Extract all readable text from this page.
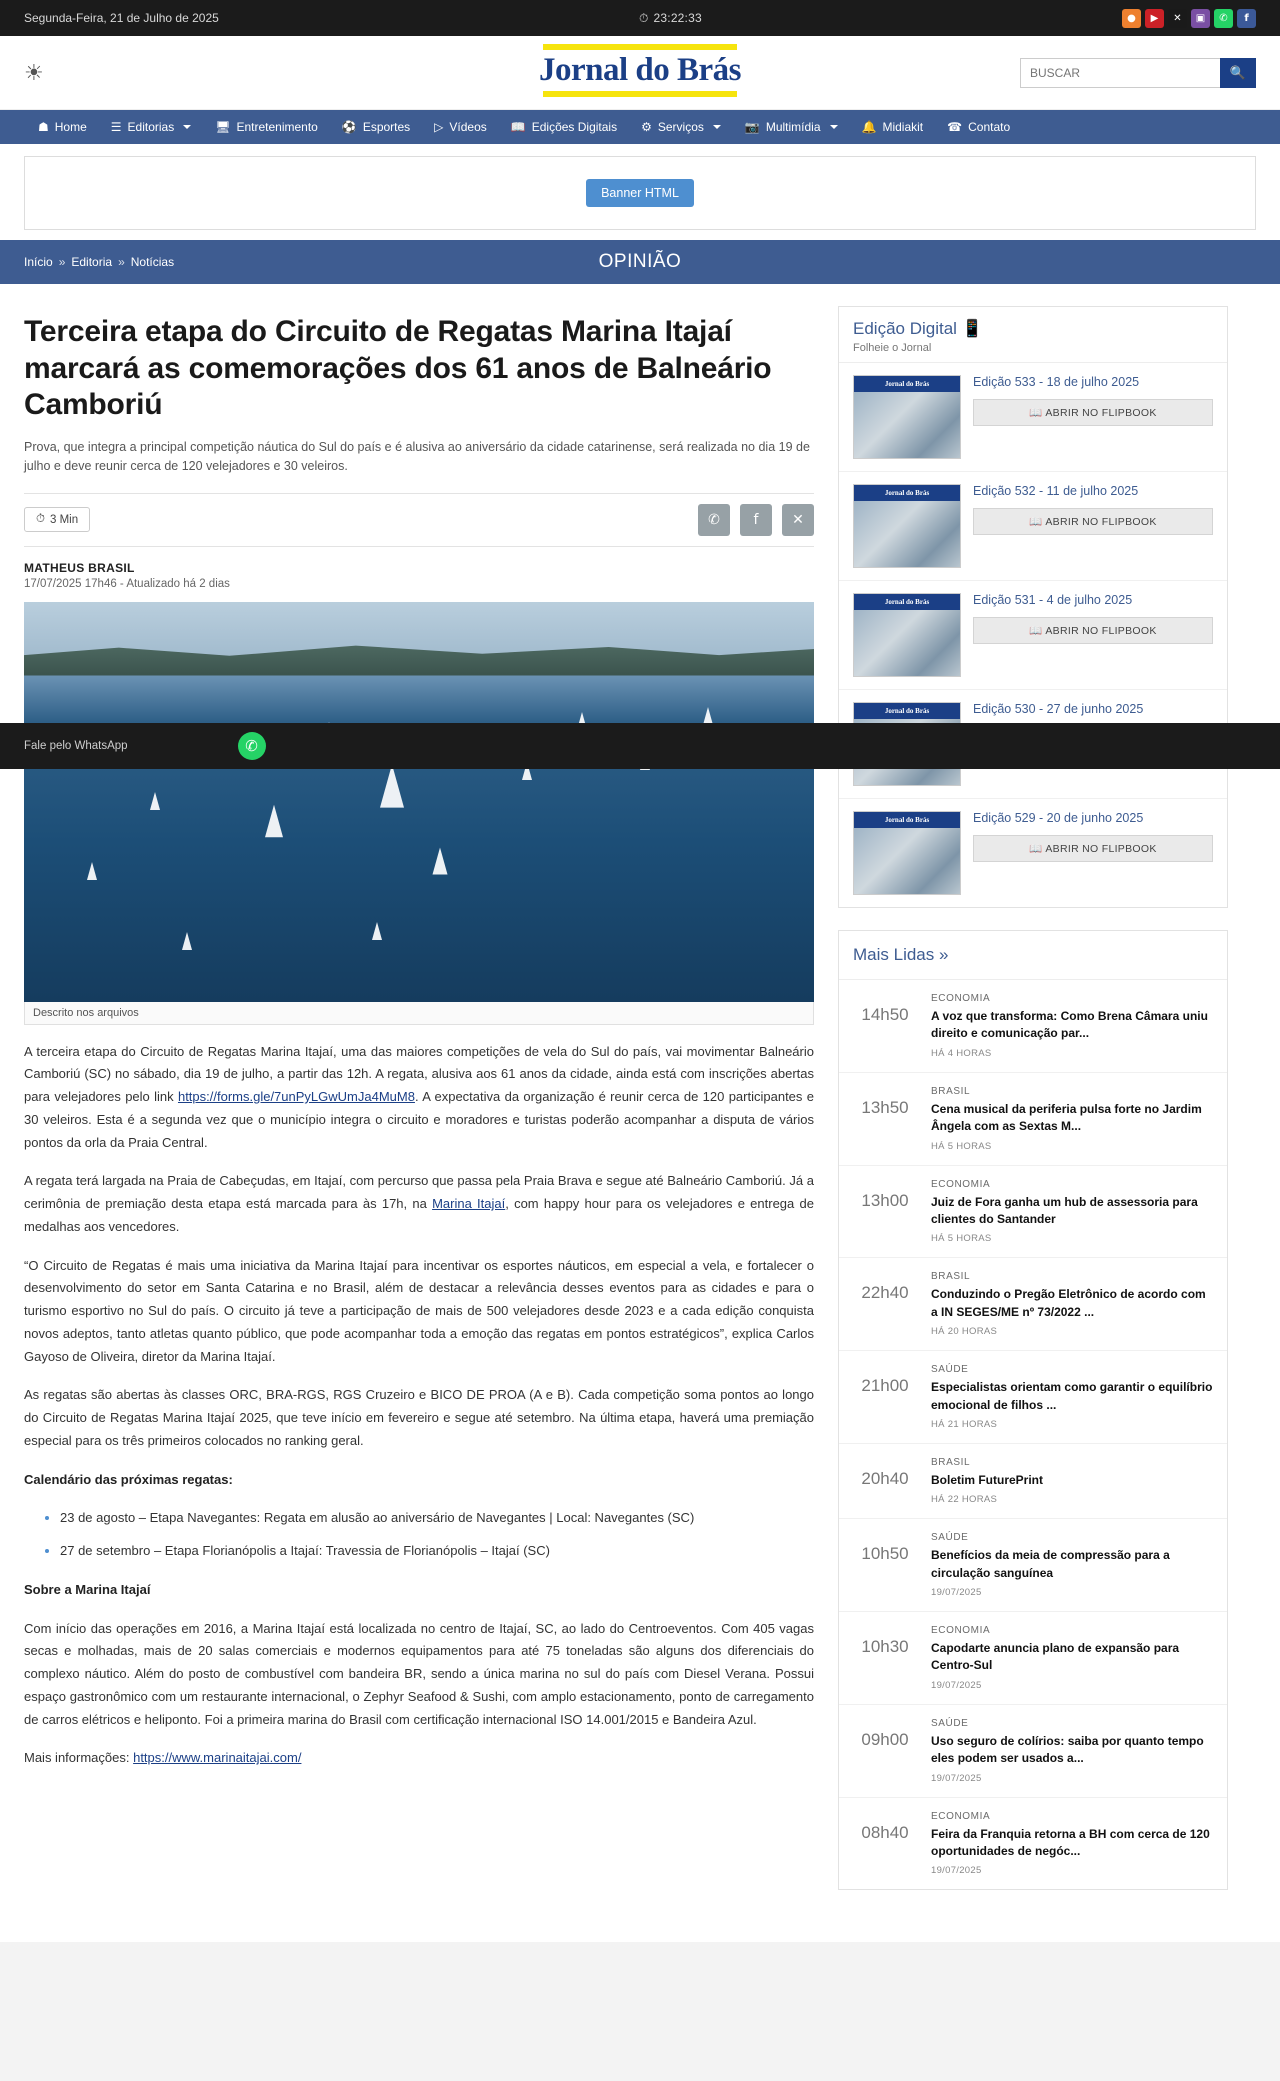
Segunda-Feira, 21 de Julho de 2025	⏱ 23:22:33	●	▶	✕	▣	✆	f
☀	Jornal do Brás
BUSCAR	🔍
☗ Home ☰ Editorias	🖥 Entretenimento ⚽ Esportes ▷ Vídeos 📖 Edições Digitais ⚙ Serviços	📷 Multimídia	🔔 Midiakit ☎ Contato
Banner HTML
Início » Editoria » Notícias	OPINIÃO
Terceira etapa do Circuito de Regatas Marina Itajaí marcará as comemorações dos 61 anos de Balneário Camboriú
Prova, que integra a principal competição náutica do Sul do país e é alusiva ao aniversário da cidade catarinense, será realizada no dia 19 de julho e deve reunir cerca de 120 velejadores e 30 veleiros.
⏱ 3 Min	✆	f	✕
MATHEUS BRASIL
17/07/2025 17h46 - Atualizado há 2 dias
Descrito nos arquivos

A terceira etapa do Circuito de Regatas Marina Itajaí, uma das maiores competições de vela do Sul do país, vai movimentar Balneário Camboriú (SC) no sábado, dia 19 de julho, a partir das 12h. A regata, alusiva aos 61 anos da cidade, ainda está com inscrições abertas para velejadores pelo link https://forms.gle/7unPyLGwUmJa4MuM8. A expectativa da organização é reunir cerca de 120 participantes e 30 veleiros. Esta é a segunda vez que o município integra o circuito e moradores e turistas poderão acompanhar a disputa de vários pontos da orla da Praia Central.

A regata terá largada na Praia de Cabeçudas, em Itajaí, com percurso que passa pela Praia Brava e segue até Balneário Camboriú. Já a cerimônia de premiação desta etapa está marcada para às 17h, na Marina Itajaí, com happy hour para os velejadores e entrega de medalhas aos vencedores.

“O Circuito de Regatas é mais uma iniciativa da Marina Itajaí para incentivar os esportes náuticos, em especial a vela, e fortalecer o desenvolvimento do setor em Santa Catarina e no Brasil, além de destacar a relevância desses eventos para as cidades e para o turismo esportivo no Sul do país. O circuito já teve a participação de mais de 500 velejadores desde 2023 e a cada edição conquista novos adeptos, tanto atletas quanto público, que pode acompanhar toda a emoção das regatas em pontos estratégicos”, explica Carlos Gayoso de Oliveira, diretor da Marina Itajaí.

As regatas são abertas às classes ORC, BRA-RGS, RGS Cruzeiro e BICO DE PROA (A e B). Cada competição soma pontos ao longo do Circuito de Regatas Marina Itajaí 2025, que teve início em fevereiro e segue até setembro. Na última etapa, haverá uma premiação especial para os três primeiros colocados no ranking geral.

Calendário das próximas regatas:

• 23 de agosto – Etapa Navegantes: Regata em alusão ao aniversário de Navegantes | Local: Navegantes (SC)
• 27 de setembro – Etapa Florianópolis a Itajaí: Travessia de Florianópolis – Itajaí (SC)

Sobre a Marina Itajaí

Com início das operações em 2016, a Marina Itajaí está localizada no centro de Itajaí, SC, ao lado do Centroeventos. Com 405 vagas secas e molhadas, mais de 20 salas comerciais e modernos equipamentos para até 75 toneladas são alguns dos diferenciais do complexo náutico. Além do posto de combustível com bandeira BR, sendo a única marina no sul do país com Diesel Verana. Possui espaço gastronômico com um restaurante internacional, o Zephyr Seafood & Sushi, com amplo estacionamento, ponto de carregamento de carros elétricos e heliponto. Foi a primeira marina do Brasil com certificação internacional ISO 14.001/2015 e Bandeira Azul.

Mais informações: https://www.marinaitajai.com/

Edição Digital 📱
Folheie o Jornal
Jornal do Brás	Edição 533 - 18 de julho 2025
📖 ABRIR NO FLIPBOOK
Jornal do Brás	Edição 532 - 11 de julho 2025
📖 ABRIR NO FLIPBOOK
Jornal do Brás	Edição 531 - 4 de julho 2025
📖 ABRIR NO FLIPBOOK
Jornal do Brás	Edição 530 - 27 de junho 2025
Jornal do Brás	Edição 529 - 20 de junho 2025
📖 ABRIR NO FLIPBOOK
Mais Lidas »
14h50
ECONOMIA
A voz que transforma: Como Brena Câmara uniu direito e comunicação par...
HÁ 4 HORAS
13h50
BRASIL
Cena musical da periferia pulsa forte no Jardim Ângela com as Sextas M...
HÁ 5 HORAS
13h00
ECONOMIA
Juiz de Fora ganha um hub de assessoria para clientes do Santander
HÁ 5 HORAS
22h40
BRASIL
Conduzindo o Pregão Eletrônico de acordo com a IN SEGES/ME nº 73/2022 ...
HÁ 20 HORAS
21h00
SAÚDE
Especialistas orientam como garantir o equilíbrio emocional de filhos ...
HÁ 21 HORAS
20h40
BRASIL
Boletim FuturePrint
HÁ 22 HORAS
10h50
SAÚDE
Benefícios da meia de compressão para a circulação sanguínea
19/07/2025
10h30
ECONOMIA
Capodarte anuncia plano de expansão para Centro-Sul
19/07/2025
09h00
SAÚDE
Uso seguro de colírios: saiba por quanto tempo eles podem ser usados a...
19/07/2025
08h40
ECONOMIA
Feira da Franquia retorna a BH com cerca de 120 oportunidades de negóc...
19/07/2025
Fale pelo WhatsApp	✆
